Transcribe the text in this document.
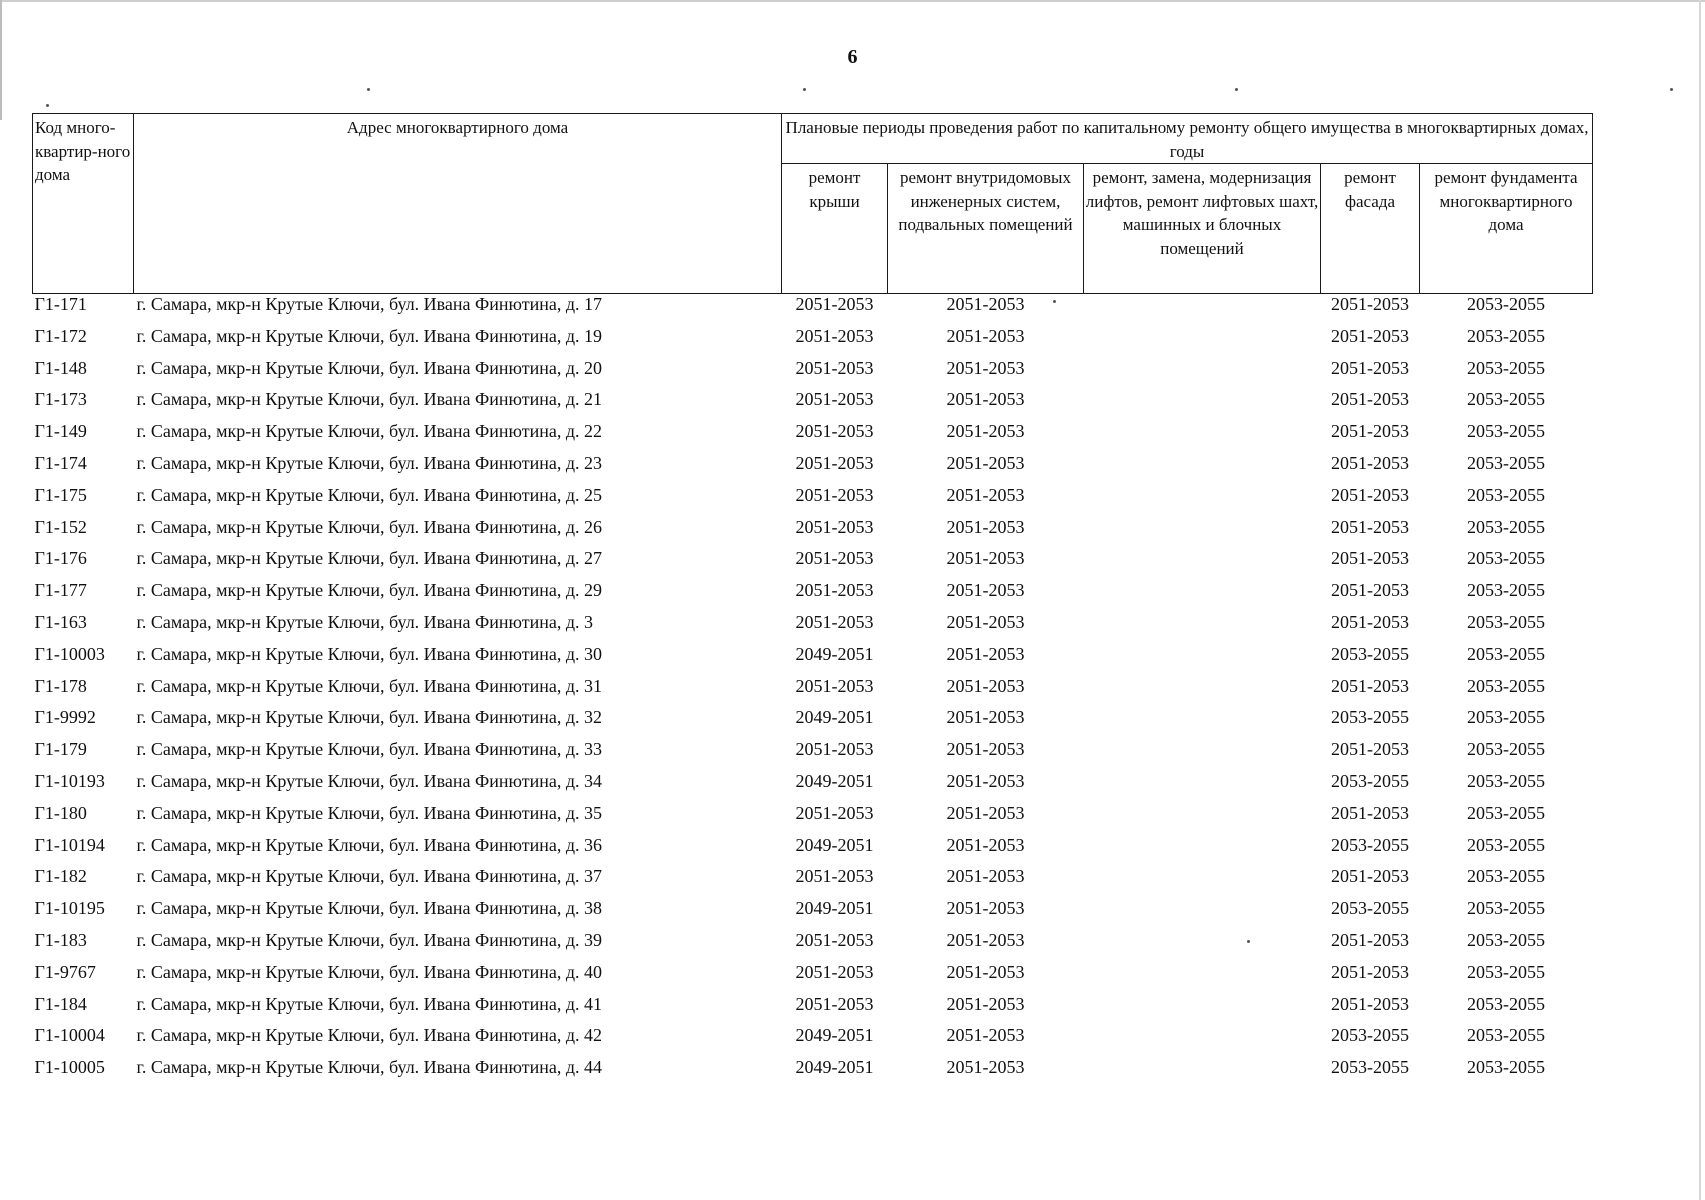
6
Код много-квартир-ного дома	Адрес многоквартирного дома	Плановые периоды проведения работ по капитальному ремонту общего имущества в многоквартирных домах, годы				
		ремонт крыши	ремонт внутридомовых инженерных систем, подвальных помещений	ремонт, замена, модернизация лифтов, ремонт лифтовых шахт, машинных и блочных помещений	ремонт фасада	ремонт фундамента многоквартирного дома
Г1-171	г. Самара, мкр-н Крутые Ключи, бул. Ивана Финютина, д. 17	2051-2053	2051-2053		2051-2053	2053-2055
Г1-172	г. Самара, мкр-н Крутые Ключи, бул. Ивана Финютина, д. 19	2051-2053	2051-2053		2051-2053	2053-2055
Г1-148	г. Самара, мкр-н Крутые Ключи, бул. Ивана Финютина, д. 20	2051-2053	2051-2053		2051-2053	2053-2055
Г1-173	г. Самара, мкр-н Крутые Ключи, бул. Ивана Финютина, д. 21	2051-2053	2051-2053		2051-2053	2053-2055
Г1-149	г. Самара, мкр-н Крутые Ключи, бул. Ивана Финютина, д. 22	2051-2053	2051-2053		2051-2053	2053-2055
Г1-174	г. Самара, мкр-н Крутые Ключи, бул. Ивана Финютина, д. 23	2051-2053	2051-2053		2051-2053	2053-2055
Г1-175	г. Самара, мкр-н Крутые Ключи, бул. Ивана Финютина, д. 25	2051-2053	2051-2053		2051-2053	2053-2055
Г1-152	г. Самара, мкр-н Крутые Ключи, бул. Ивана Финютина, д. 26	2051-2053	2051-2053		2051-2053	2053-2055
Г1-176	г. Самара, мкр-н Крутые Ключи, бул. Ивана Финютина, д. 27	2051-2053	2051-2053		2051-2053	2053-2055
Г1-177	г. Самара, мкр-н Крутые Ключи, бул. Ивана Финютина, д. 29	2051-2053	2051-2053		2051-2053	2053-2055
Г1-163	г. Самара, мкр-н Крутые Ключи, бул. Ивана Финютина, д. 3	2051-2053	2051-2053		2051-2053	2053-2055
Г1-10003	г. Самара, мкр-н Крутые Ключи, бул. Ивана Финютина, д. 30	2049-2051	2051-2053		2053-2055	2053-2055
Г1-178	г. Самара, мкр-н Крутые Ключи, бул. Ивана Финютина, д. 31	2051-2053	2051-2053		2051-2053	2053-2055
Г1-9992	г. Самара, мкр-н Крутые Ключи, бул. Ивана Финютина, д. 32	2049-2051	2051-2053		2053-2055	2053-2055
Г1-179	г. Самара, мкр-н Крутые Ключи, бул. Ивана Финютина, д. 33	2051-2053	2051-2053		2051-2053	2053-2055
Г1-10193	г. Самара, мкр-н Крутые Ключи, бул. Ивана Финютина, д. 34	2049-2051	2051-2053		2053-2055	2053-2055
Г1-180	г. Самара, мкр-н Крутые Ключи, бул. Ивана Финютина, д. 35	2051-2053	2051-2053		2051-2053	2053-2055
Г1-10194	г. Самара, мкр-н Крутые Ключи, бул. Ивана Финютина, д. 36	2049-2051	2051-2053		2053-2055	2053-2055
Г1-182	г. Самара, мкр-н Крутые Ключи, бул. Ивана Финютина, д. 37	2051-2053	2051-2053		2051-2053	2053-2055
Г1-10195	г. Самара, мкр-н Крутые Ключи, бул. Ивана Финютина, д. 38	2049-2051	2051-2053		2053-2055	2053-2055
Г1-183	г. Самара, мкр-н Крутые Ключи, бул. Ивана Финютина, д. 39	2051-2053	2051-2053		2051-2053	2053-2055
Г1-9767	г. Самара, мкр-н Крутые Ключи, бул. Ивана Финютина, д. 40	2051-2053	2051-2053		2051-2053	2053-2055
Г1-184	г. Самара, мкр-н Крутые Ключи, бул. Ивана Финютина, д. 41	2051-2053	2051-2053		2051-2053	2053-2055
Г1-10004	г. Самара, мкр-н Крутые Ключи, бул. Ивана Финютина, д. 42	2049-2051	2051-2053		2053-2055	2053-2055
Г1-10005	г. Самара, мкр-н Крутые Ключи, бул. Ивана Финютина, д. 44	2049-2051	2051-2053		2053-2055	2053-2055
